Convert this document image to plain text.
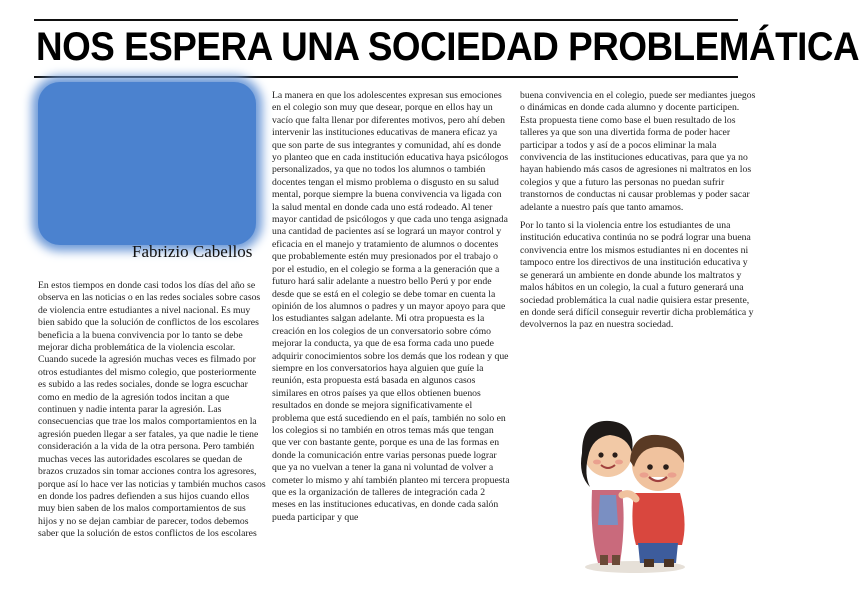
NOS ESPERA UNA SOCIEDAD PROBLEMÁTICA
Fabrizio Cabellos

En estos tiempos en donde casi todos los días del año se observa en las noticias o en las redes sociales sobre casos de violencia entre estudiantes a nivel nacional. Es muy bien sabido que la solución de conflictos de los escolares beneficia a la buena convivencia por lo tanto se debe mejorar dicha problemática de la violencia escolar. Cuando sucede la agresión muchas veces es filmado por otros estudiantes del mismo colegio, que posteriormente es subido a las redes sociales, donde se logra escuchar como en medio de la agresión todos incitan a que continuen y nadie intenta parar la agresión. Las consecuencias que trae los malos comportamientos en la agresión pueden llegar a ser fatales, ya que nadie le tiene consideración a la vida de la otra persona. Pero también muchas veces las autoridades escolares se quedan de brazos cruzados sin tomar acciones contra los agresores, porque así lo hace ver las noticias y también muchos casos en donde los padres defienden a sus hijos cuando ellos muy bien saben de los malos comportamientos de sus hijos y no se dejan cambiar de parecer, todos debemos saber que la solución de estos conflictos de los escolares

La manera en que los adolescentes expresan sus emociones en el colegio son muy que desear, porque en ellos hay un vacío que falta llenar por diferentes motivos, pero ahí deben intervenir las instituciones educativas de manera eficaz ya que son parte de sus integrantes y comunidad, ahí es donde yo planteo que en cada institución educativa haya psicólogos personalizados, ya que no todos los alumnos o también docentes tengan el mismo problema o disgusto en su salud mental, porque siempre la buena convivencia va ligada con la salud mental en donde cada uno está rodeado. Al tener mayor cantidad de psicólogos y que cada uno tenga asignada una cantidad de pacientes así se logrará un mayor control y eficacia en el manejo y tratamiento de alumnos o docentes que probablemente estén muy presionados por el trabajo o por el estudio, en el colegio se forma a la generación que a futuro hará salir adelante a nuestro bello Perú y por ende desde que se está en el colegio se debe tomar en cuenta la opinión de los alumnos o padres y un mayor apoyo para que los estudiantes salgan adelante. Mi otra propuesta es la creación en los colegios de un conversatorio sobre cómo mejorar la conducta, ya que de esa forma cada uno puede adquirir conocimientos sobre los demás que los rodean y que siempre en los conversatorios haya alguien que guíe la reunión, esta propuesta está basada en algunos casos similares en otros países ya que ellos obtienen buenos resultados en donde se mejora significativamente el problema que está sucediendo en el país, también no solo en los colegios si no también en otros temas más que tengan que ver con bastante gente, porque es una de las formas en donde la comunicación entre varias personas puede lograr que ya no vuelvan a tener la gana ni voluntad de volver a cometer lo mismo y ahí también planteo mi tercera propuesta que es la organización de talleres de integración cada 2 meses en las instituciones educativas, en donde cada salón pueda participar y que

buena convivencia en el colegio, puede ser mediantes juegos o dinámicas en donde cada alumno y docente participen. Esta propuesta tiene como base el buen resultado de los talleres ya que son una divertida forma de poder hacer participar a todos y así de a pocos eliminar la mala convivencia de las instituciones educativas, para que ya no hayan habiendo más casos de agresiones ni maltratos en los colegios y que a futuro las personas no puedan sufrir transtornos de conductas ni causar problemas y poder sacar adelante a nuestro país que tanto amamos.

Por lo tanto si la violencia entre los estudiantes de una institución educativa continúa no se podrá lograr una buena convivencia entre los mismos estudiantes ni en docentes ni tampoco entre los directivos de una institución educativa y se generará un ambiente en donde abunde los maltratos y malos hábitos en un colegio, la cual a futuro generará una sociedad problemática la cual nadie quisiera estar presente, en donde será difícil conseguir revertir dicha problemática y devolvernos la paz en nuestra sociedad.
